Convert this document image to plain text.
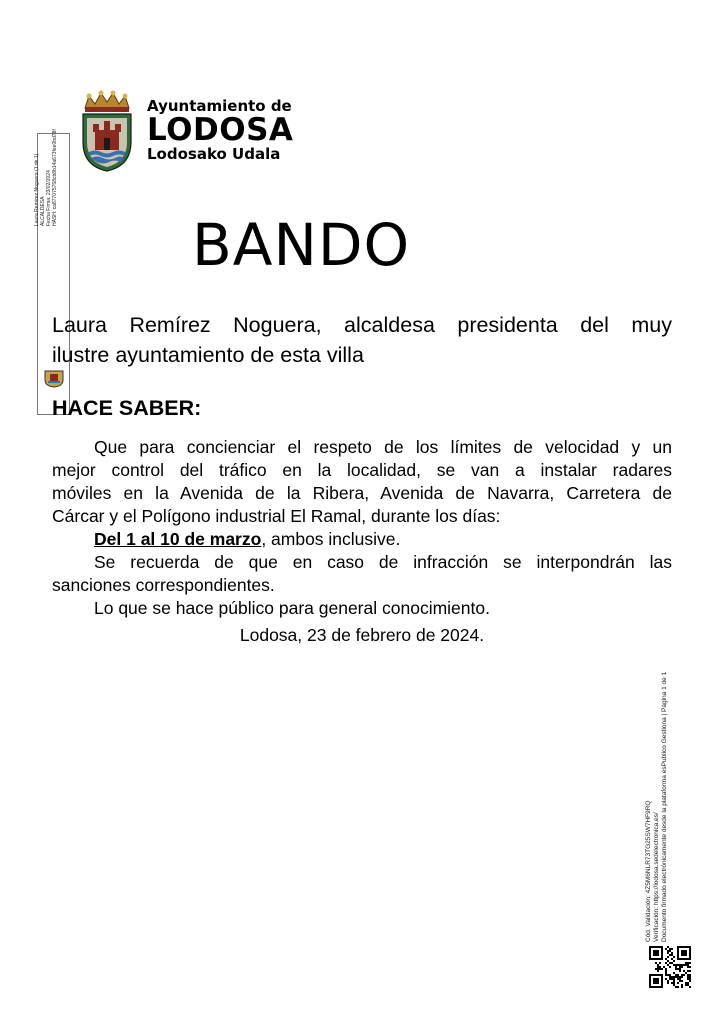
Ayuntamiento de
LODOSA
Lodosako Udala
Laura Remírez Noguera (1 de 1) ALCALDESA Fecha Firma: 23/02/2024 HASH: ca877075758cb8b14a673fee0bd78f
BANDO
Laura Remírez Noguera, alcaldesa presidenta del muy
ilustre ayuntamiento de esta villa
HACE SABER:
Que para concienciar el respeto de los límites de velocidad y un
mejor control del tráfico en la localidad, se van a instalar radares
móviles en la Avenida de la Ribera, Avenida de Navarra, Carretera de
Cárcar y el Polígono industrial El Ramal, durante los días:
Del 1 al 10 de marzo, ambos inclusive.
Se recuerda de que en caso de infracción se interpondrán las
sanciones correspondientes.
Lo que se hace público para general conocimiento.
Lodosa, 23 de febrero de 2024.
Cód. Validación: 4Z5M6NLR73TG25SW7HF9RQ Verificación: https://lodosa.sedelectronica.es/ Documento firmado electrónicamente desde la plataforma esPublico Gestiona | Página 1 de 1
